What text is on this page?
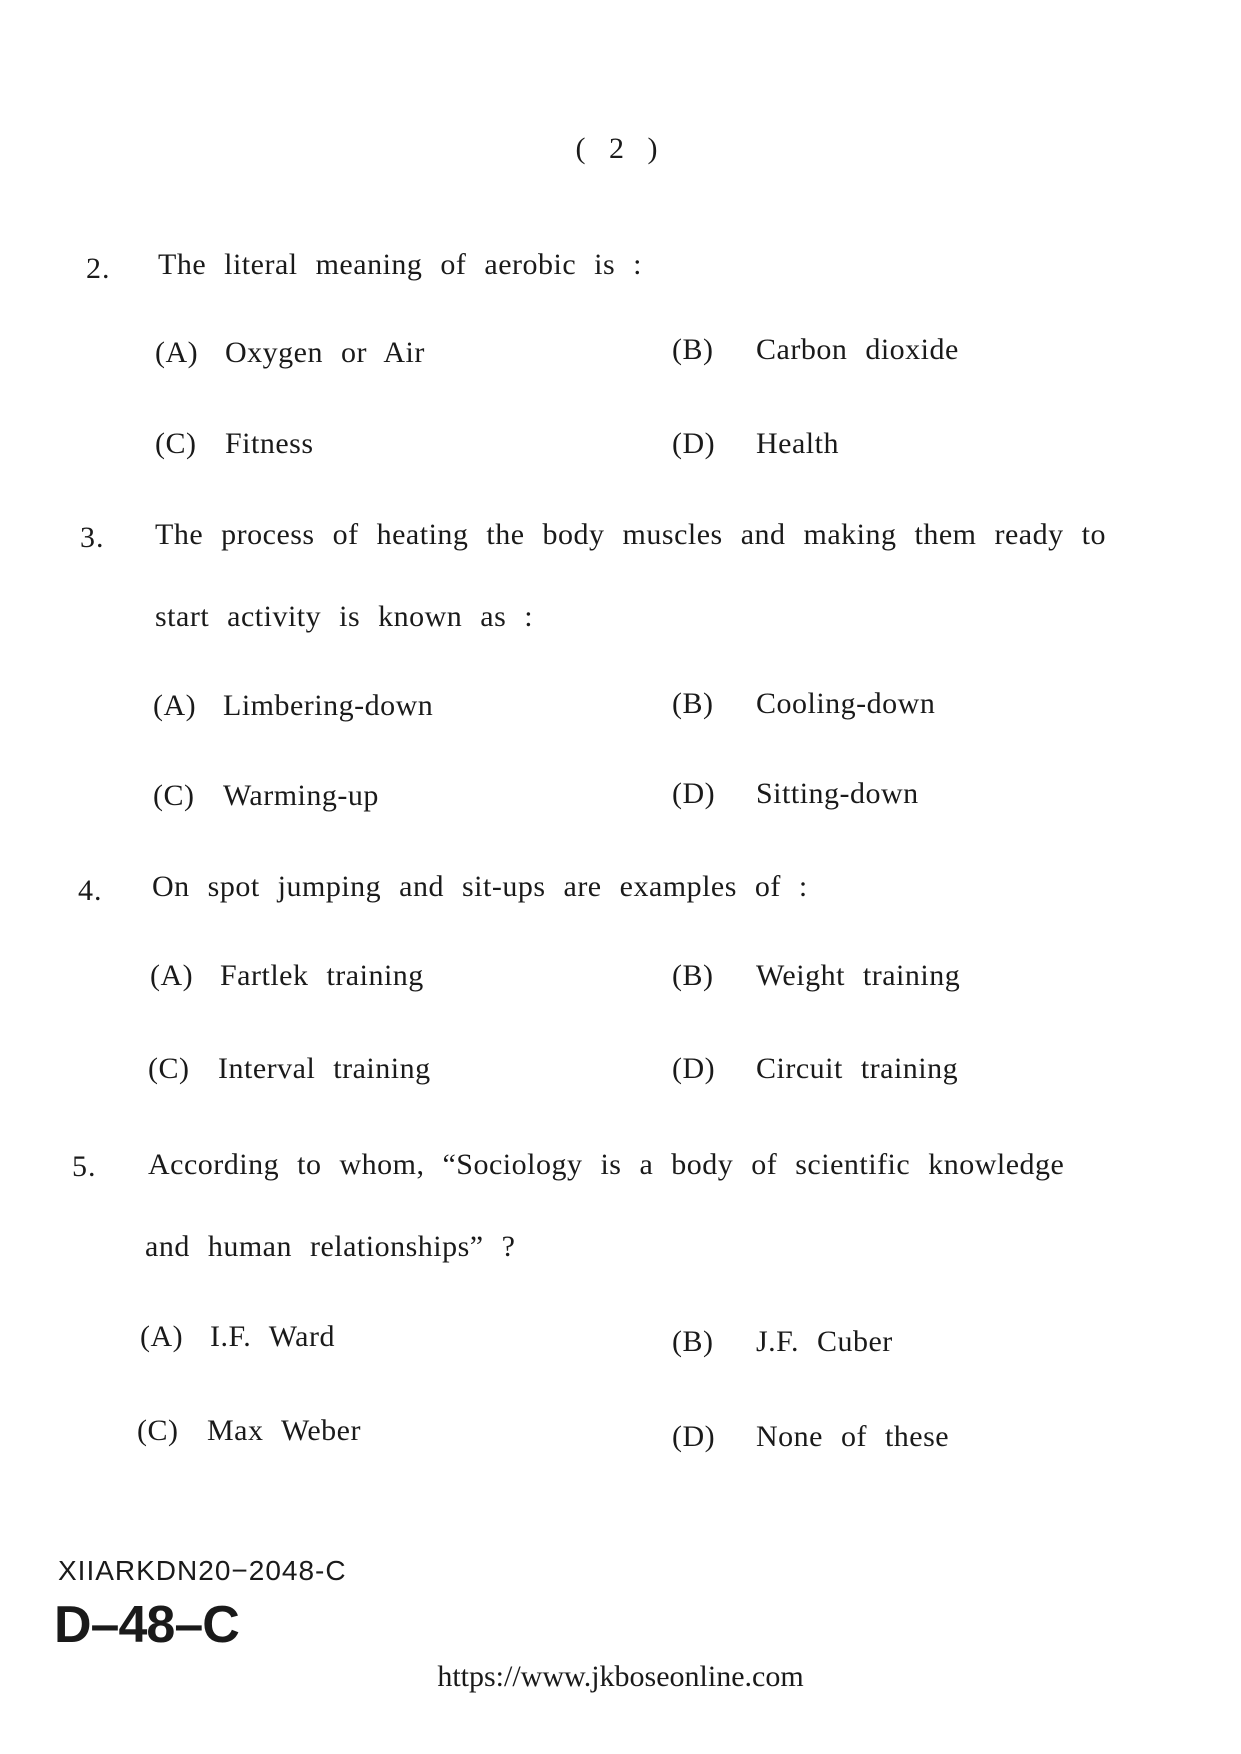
( 2 )
2. The literal meaning of aerobic is :
(A) Oxygen or Air	(B) Carbon dioxide
(C) Fitness	(D) Health
3. The process of heating the body muscles and making them ready to
start activity is known as :
(A) Limbering-down	(B) Cooling-down
(C) Warming-up	(D) Sitting-down
4. On spot jumping and sit-ups are examples of :
(A) Fartlek training	(B) Weight training
(C) Interval training	(D) Circuit training
5. According to whom, “Sociology is a body of scientific knowledge
and human relationships” ?
(A) I.F. Ward	(B) J.F. Cuber
(C) Max Weber	(D) None of these
XIIARKDN20−2048-C
D–48–C
https://www.jkboseonline.com
